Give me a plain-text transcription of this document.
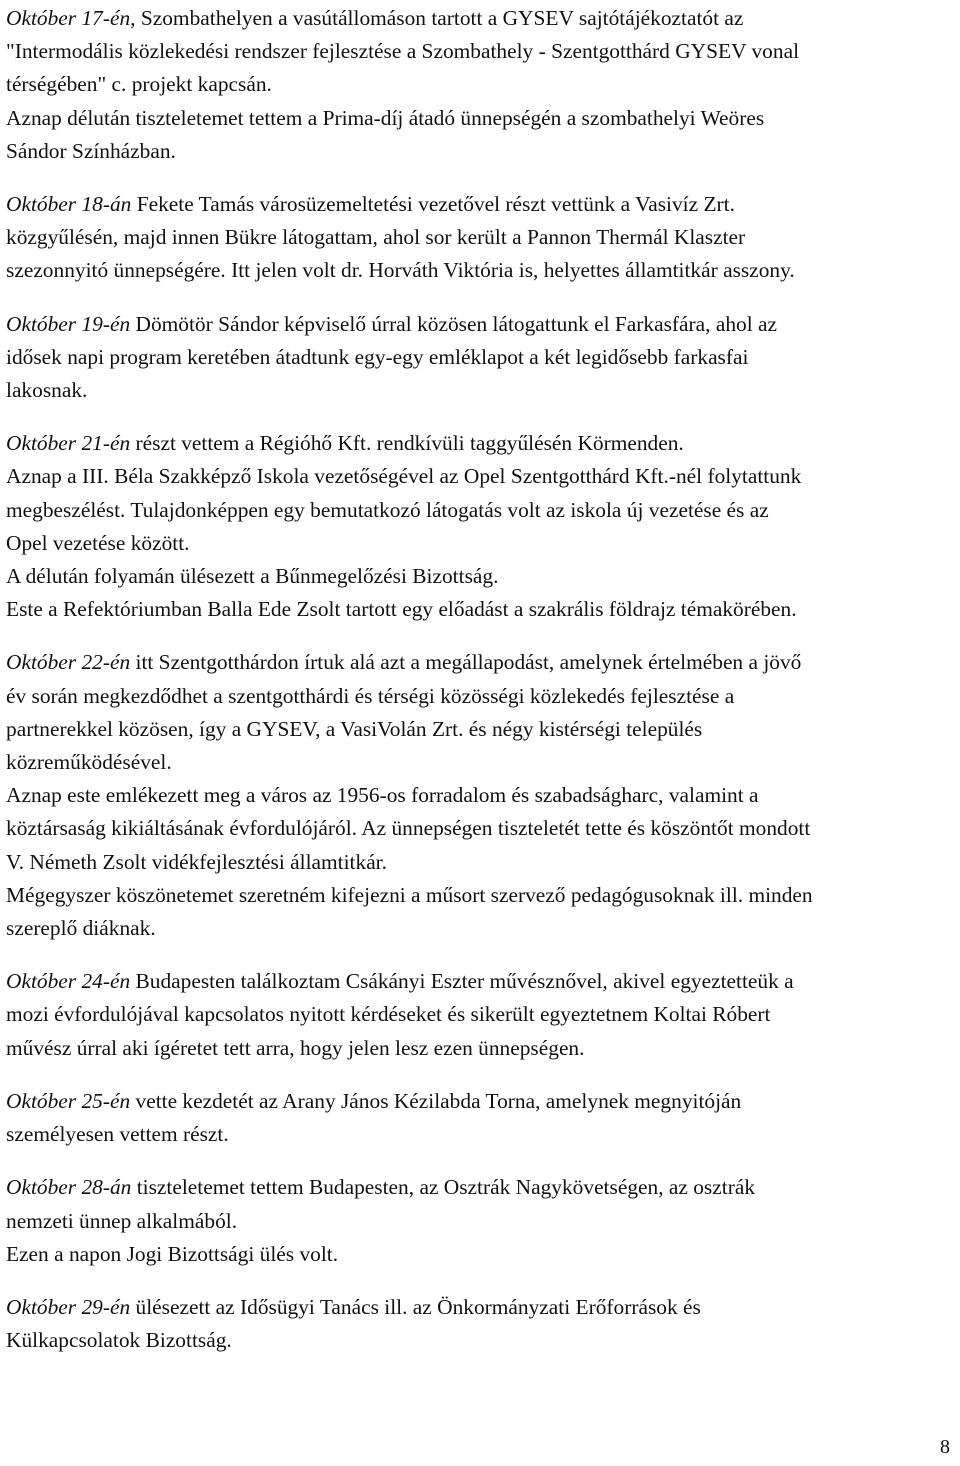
Október 17-én, Szombathelyen a vasútállomáson tartott a GYSEV sajtótájékoztatót az
"Intermodális közlekedési rendszer fejlesztése a Szombathely - Szentgotthárd GYSEV vonal
térségében" c. projekt kapcsán.
Aznap délután tiszteletemet tettem a Prima-díj átadó ünnepségén a szombathelyi Weöres
Sándor Színházban.
Október 18-án Fekete Tamás városüzemeltetési vezetővel részt vettünk a Vasivíz Zrt.
közgyűlésén, majd innen Bükre látogattam, ahol sor került a Pannon Thermál Klaszter
szezonnyitó ünnepségére. Itt jelen volt dr. Horváth Viktória is, helyettes államtitkár asszony.
Október 19-én Dömötör Sándor képviselő úrral közösen látogattunk el Farkasfára, ahol az
idősek napi program keretében átadtunk egy-egy emléklapot a két legidősebb farkasfai
lakosnak.
Október 21-én részt vettem a Régióhő Kft. rendkívüli taggyűlésén Körmenden.
Aznap a III. Béla Szakképző Iskola vezetőségével az Opel Szentgotthárd Kft.-nél folytattunk
megbeszélést. Tulajdonképpen egy bemutatkozó látogatás volt az iskola új vezetése és az
Opel vezetése között.
A délután folyamán ülésezett a Bűnmegelőzési Bizottság.
Este a Refektóriumban Balla Ede Zsolt tartott egy előadást a szakrális földrajz témakörében.
Október 22-én itt Szentgotthárdon írtuk alá azt a megállapodást, amelynek értelmében a jövő
év során megkezdődhet a szentgotthárdi és térségi közösségi közlekedés fejlesztése a
partnerekkel közösen, így a GYSEV, a VasiVolán Zrt. és négy kistérségi település
közreműködésével.
Aznap este emlékezett meg a város az 1956-os forradalom és szabadságharc, valamint a
köztársaság kikiáltásának évfordulójáról. Az ünnepségen tiszteletét tette és köszöntőt mondott
V. Németh Zsolt vidékfejlesztési államtitkár.
Mégegyszer köszönetemet szeretném kifejezni a műsort szervező pedagógusoknak ill. minden
szereplő diáknak.
Október 24-én Budapesten találkoztam Csákányi Eszter művésznővel, akivel egyeztetteük a
mozi évfordulójával kapcsolatos nyitott kérdéseket és sikerült egyeztetnem Koltai Róbert
művész úrral aki ígéretet tett arra, hogy jelen lesz ezen ünnepségen.
Október 25-én vette kezdetét az Arany János Kézilabda Torna, amelynek megnyitóján
személyesen vettem részt.
Október 28-án tiszteletemet tettem Budapesten, az Osztrák Nagykövetségen, az osztrák
nemzeti ünnep alkalmából.
Ezen a napon Jogi Bizottsági ülés volt.
Október 29-én ülésezett az Idősügyi Tanács ill. az Önkormányzati Erőforrások és
Külkapcsolatok Bizottság.
8
